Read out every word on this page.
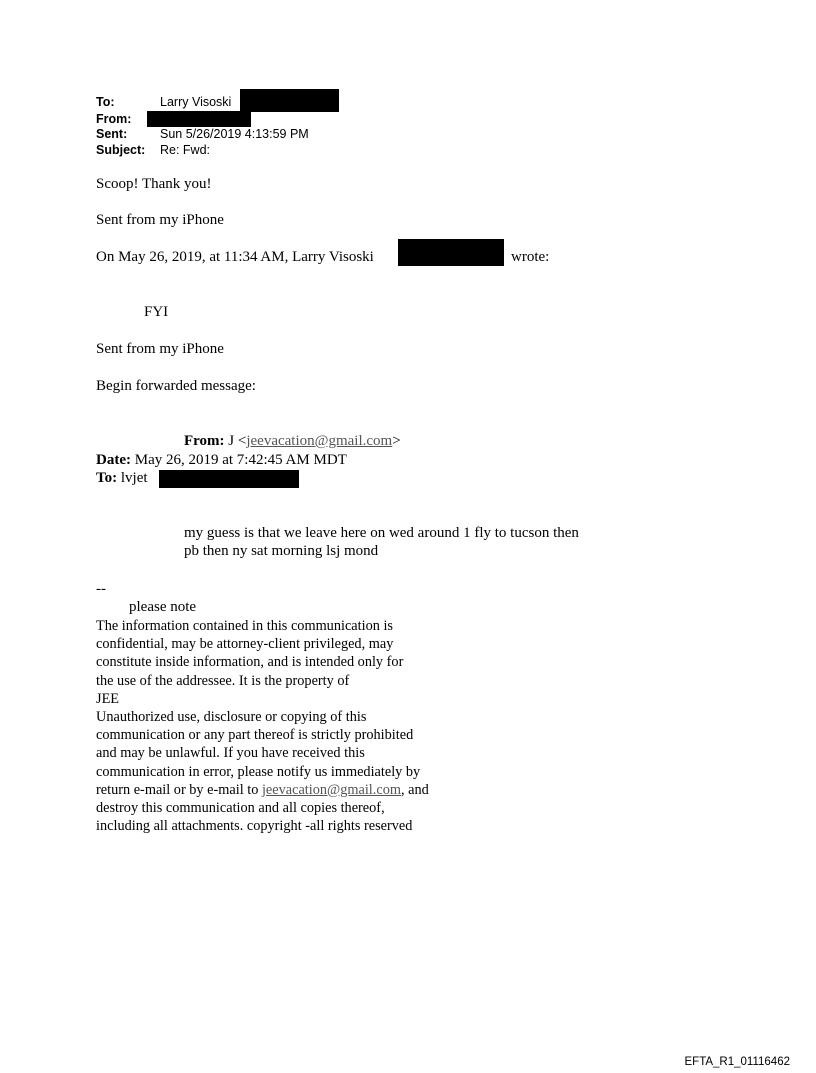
To:	Larry Visoski
From:
Sent:	Sun 5/26/2019 4:13:59 PM
Subject: Re: Fwd:
Scoop! Thank you!
Sent from my iPhone
On May 26, 2019, at 11:34 AM, Larry Visoski	wrote:
FYI
Sent from my iPhone
Begin forwarded message:
From: J <jeevacation@gmail.com>
Date: May 26, 2019 at 7:42:45 AM MDT
To: lvjet
my guess is that we leave here on wed around 1 fly to tucson then
pb then ny sat morning lsj mond
--
please note
The information contained in this communication is
confidential, may be attorney-client privileged, may
constitute inside information, and is intended only for
the use of the addressee. It is the property of
JEE
Unauthorized use, disclosure or copying of this
communication or any part thereof is strictly prohibited
and may be unlawful. If you have received this
communication in error, please notify us immediately by
return e-mail or by e-mail to jeevacation@gmail.com, and
destroy this communication and all copies thereof,
including all attachments. copyright -all rights reserved
EFTA_R1_01116462
